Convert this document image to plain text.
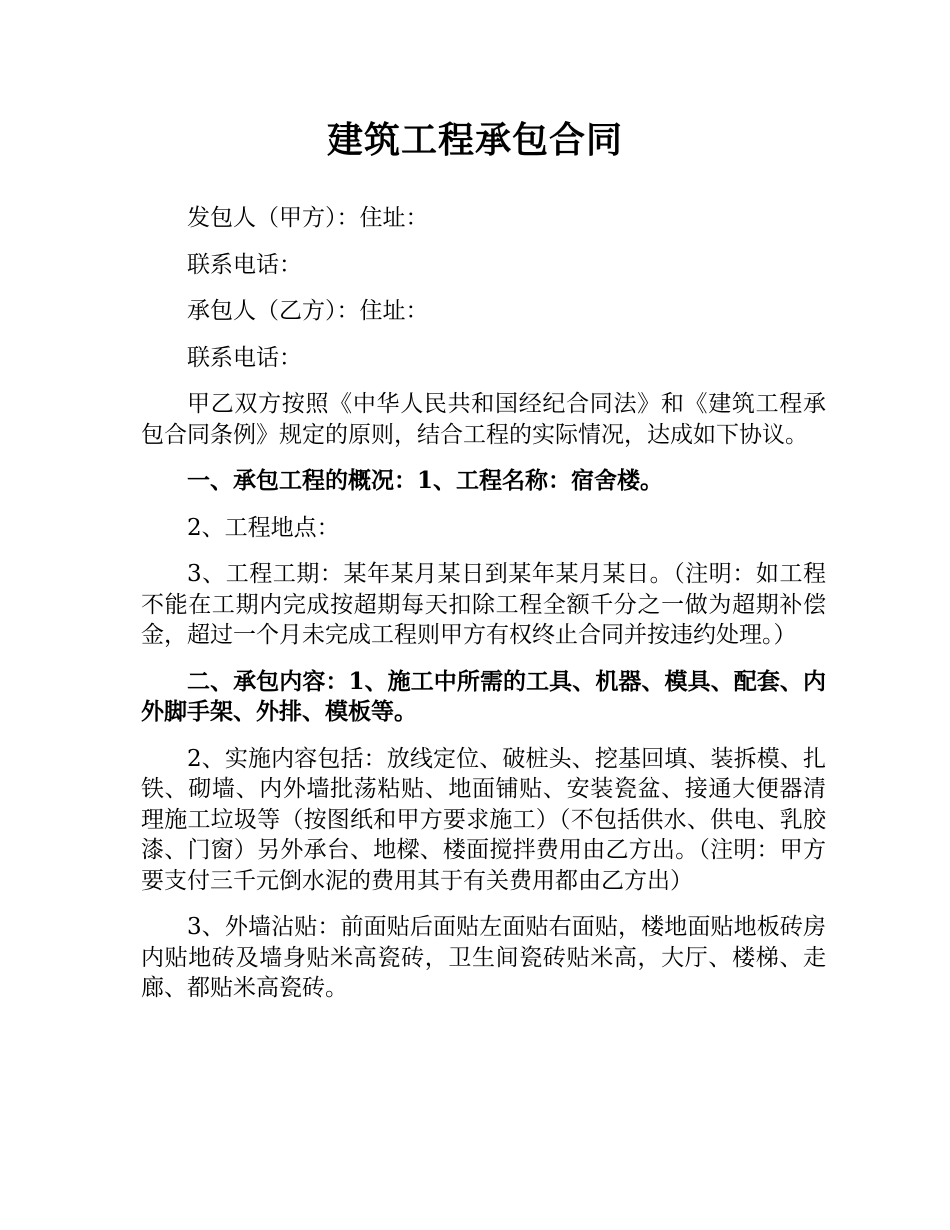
建筑工程承包合同

发包人（甲方）：住址：

联系电话：

承包人（乙方）：住址：

联系电话：

甲乙双方按照《中华人民共和国经纪合同法》和《建筑工程承包合同条例》规定的原则，结合工程的实际情况，达成如下协议。

一、承包工程的概况：1、工程名称：宿舍楼。

2、工程地点：

3、工程工期：某年某月某日到某年某月某日。（注明：如工程不能在工期内完成按超期每天扣除工程全额千分之一做为超期补偿金，超过一个月未完成工程则甲方有权终止合同并按违约处理。）

二、承包内容：1、施工中所需的工具、机器、模具、配套、内外脚手架、外排、模板等。

2、实施内容包括：放线定位、破桩头、挖基回填、装拆模、扎铁、砌墙、内外墙批荡粘贴、地面铺贴、安装瓷盆、接通大便器清理施工垃圾等（按图纸和甲方要求施工）（不包括供水、供电、乳胶漆、门窗）另外承台、地樑、楼面搅拌费用由乙方出。（注明：甲方要支付三千元倒水泥的费用其于有关费用都由乙方出）

3、外墙沾贴：前面贴后面贴左面贴右面贴，楼地面贴地板砖房内贴地砖及墙身贴米高瓷砖，卫生间瓷砖贴米高，大厅、楼梯、走廊、都贴米高瓷砖。
